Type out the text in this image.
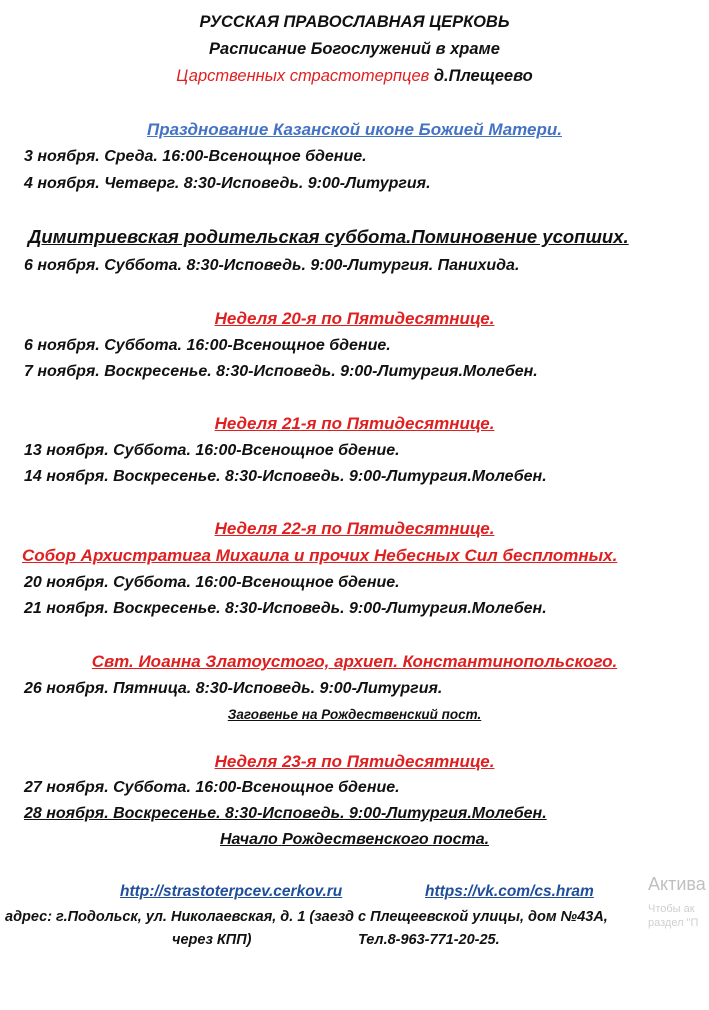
РУССКАЯ ПРАВОСЛАВНАЯ ЦЕРКОВЬ
Расписание Богослужений в храме
Царственных страстотерпцев д.Плещеево
Празднование Казанской иконе Божией Матери.
3 ноября. Среда. 16:00-Всенощное бдение.
4 ноября. Четверг. 8:30-Исповедь. 9:00-Литургия.
Димитриевская родительская суббота.Поминовение усопших.
6 ноября. Суббота. 8:30-Исповедь. 9:00-Литургия. Панихида.
Неделя 20-я по Пятидесятнице.
6 ноября. Суббота. 16:00-Всенощное бдение.
7 ноября. Воскресенье. 8:30-Исповедь. 9:00-Литургия.Молебен.
Неделя 21-я по Пятидесятнице.
13 ноября. Суббота. 16:00-Всенощное бдение.
14 ноября. Воскресенье. 8:30-Исповедь. 9:00-Литургия.Молебен.
Неделя 22-я по Пятидесятнице.
Собор Архистратига Михаила и прочих Небесных Сил бесплотных.
20 ноября. Суббота. 16:00-Всенощное бдение.
21 ноября. Воскресенье. 8:30-Исповедь. 9:00-Литургия.Молебен.
Свт. Иоанна Златоустого, архиеп. Константинопольского.
26 ноября. Пятница. 8:30-Исповедь. 9:00-Литургия.
Заговенье на Рождественский пост.
Неделя 23-я по Пятидесятнице.
27 ноября. Суббота. 16:00-Всенощное бдение.
28 ноября. Воскресенье. 8:30-Исповедь. 9:00-Литургия.Молебен.
Начало Рождественского поста.
http://strastoterpcev.cerkov.ru	https://vk.com/cs.hram
адрес: г.Подольск, ул. Николаевская, д. 1 (заезд с Плещеевской улицы, дом №43А,
через КПП)	Тел.8-963-771-20-25.
Актива
Чтобы ак
раздел "П
